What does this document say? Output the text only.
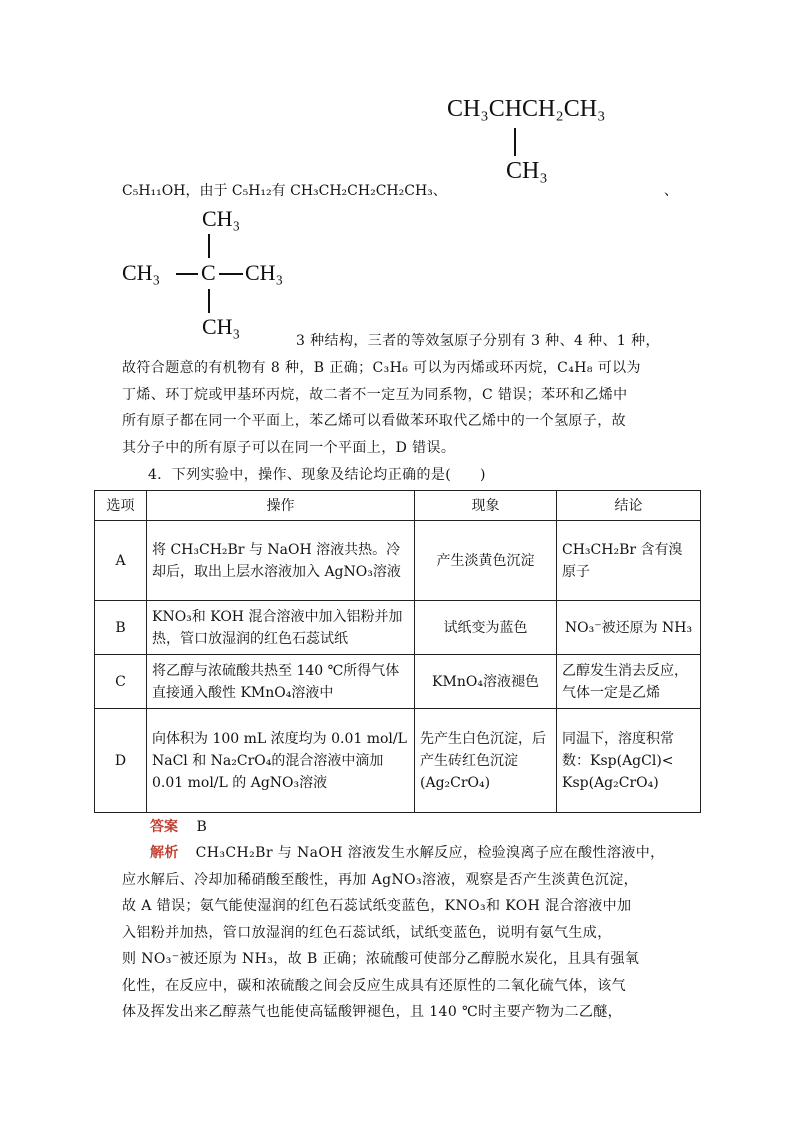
CH₃CHCH₂CH₃
CH₃
C₅H₁₁OH，由于 C₅H₁₂有 CH₃CH₂CH₂CH₂CH₃、	、
CH₃
CH₃ C CH₃
CH₃
3 种结构，三者的等效氢原子分别有 3 种、4 种、1 种，
故符合题意的有机物有 8 种，B 正确；C₃H₆ 可以为丙烯或环丙烷，C₄H₈ 可以为
丁烯、环丁烷或甲基环丙烷，故二者不一定互为同系物，C 错误；苯环和乙烯中
所有原子都在同一个平面上，苯乙烯可以看做苯环取代乙烯中的一个氢原子，故
其分子中的所有原子可以在同一个平面上，D 错误。
4．下列实验中，操作、现象及结论均正确的是(　　)
选项	操作	现象	结论
A	将 CH₃CH₂Br 与 NaOH 溶液共热。冷却后，取出上层水溶液加入 AgNO₃溶液	产生淡黄色沉淀	CH₃CH₂Br 含有溴原子
B	KNO₃和 KOH 混合溶液中加入铝粉并加热，管口放湿润的红色石蕊试纸	试纸变为蓝色	NO₃⁻被还原为 NH₃
C	将乙醇与浓硫酸共热至 140 ℃所得气体直接通入酸性 KMnO₄溶液中	KMnO₄溶液褪色	乙醇发生消去反应，气体一定是乙烯
D	向体积为 100 mL 浓度均为 0.01 mol/L NaCl 和 Na₂CrO₄的混合溶液中滴加 0.01 mol/L 的 AgNO₃溶液	先产生白色沉淀，后产生砖红色沉淀(Ag₂CrO₄)	同温下，溶度积常数：Ksp(AgCl)< Ksp(Ag₂CrO₄)
答案 B
解析 CH₃CH₂Br 与 NaOH 溶液发生水解反应，检验溴离子应在酸性溶液中，
应水解后、冷却加稀硝酸至酸性，再加 AgNO₃溶液，观察是否产生淡黄色沉淀，
故 A 错误；氨气能使湿润的红色石蕊试纸变蓝色，KNO₃和 KOH 混合溶液中加
入铝粉并加热，管口放湿润的红色石蕊试纸，试纸变蓝色，说明有氨气生成，
则 NO₃⁻被还原为 NH₃，故 B 正确；浓硫酸可使部分乙醇脱水炭化，且具有强氧
化性，在反应中，碳和浓硫酸之间会反应生成具有还原性的二氧化硫气体，该气
体及挥发出来乙醇蒸气也能使高锰酸钾褪色，且 140 ℃时主要产物为二乙醚，
